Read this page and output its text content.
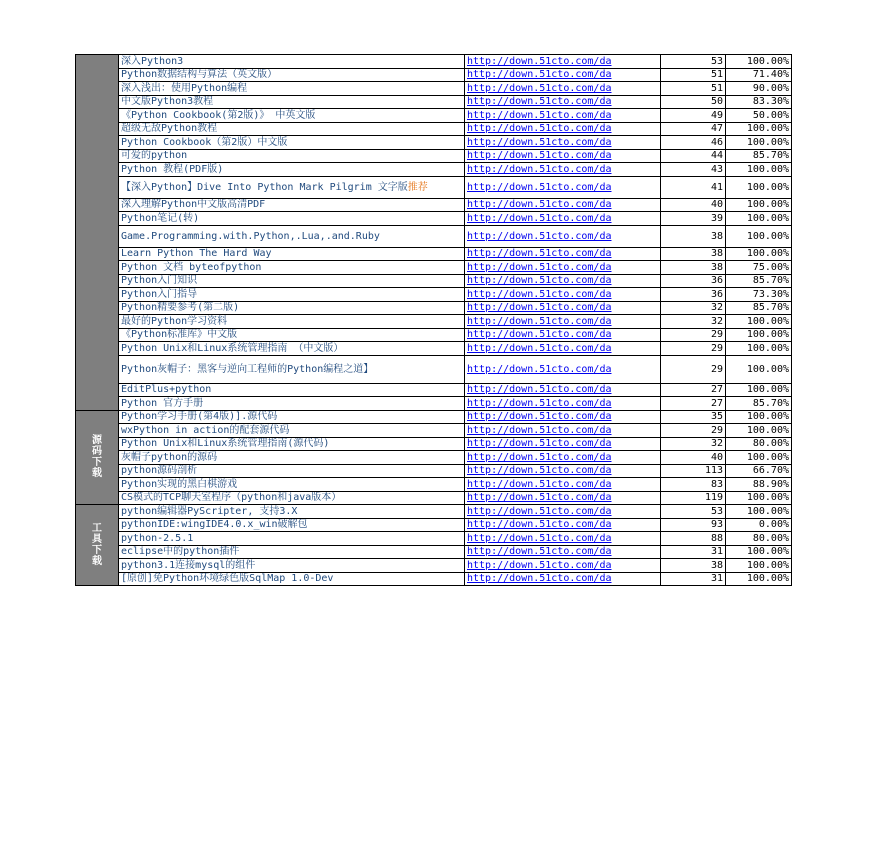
	深入Python3	http://down.51cto.com/da	53	100.00%
	Python数据结构与算法（英文版）	http://down.51cto.com/da	51	71.40%
	深入浅出：使用Python编程	http://down.51cto.com/da	51	90.00%
	中文版Python3教程	http://down.51cto.com/da	50	83.30%
	《Python Cookbook(第2版)》 中英文版	http://down.51cto.com/da	49	50.00%
	超级无敌Python教程	http://down.51cto.com/da	47	100.00%
	Python Cookbook（第2版）中文版	http://down.51cto.com/da	46	100.00%
	可爱的python	http://down.51cto.com/da	44	85.70%
	Python 教程(PDF版)	http://down.51cto.com/da	43	100.00%
	【深入Python】Dive Into Python Mark Pilgrim 文字版推荐	http://down.51cto.com/da	41	100.00%
	深入理解Python中文版高清PDF	http://down.51cto.com/da	40	100.00%
	Python笔记(转)	http://down.51cto.com/da	39	100.00%
	Game.Programming.with.Python,.Lua,.and.Ruby	http://down.51cto.com/da	38	100.00%
	Learn Python The Hard Way	http://down.51cto.com/da	38	100.00%
	Python 文档 byteofpython	http://down.51cto.com/da	38	75.00%
	Python入门知识	http://down.51cto.com/da	36	85.70%
	Python入门指导	http://down.51cto.com/da	36	73.30%
	Python精要参考(第二版)	http://down.51cto.com/da	32	85.70%
	最好的Python学习资料	http://down.51cto.com/da	32	100.00%
	《Python标准库》中文版	http://down.51cto.com/da	29	100.00%
	Python Unix和Linux系统管理指南 （中文版）	http://down.51cto.com/da	29	100.00%
	Python灰帽子：黑客与逆向工程师的Python编程之道】	http://down.51cto.com/da	29	100.00%
	EditPlus+python	http://down.51cto.com/da	27	100.00%
	Python 官方手册	http://down.51cto.com/da	27	85.70%

源
码
下
载	Python学习手册(第4版)].源代码	http://down.51cto.com/da	35	100.00%
	wxPython in action的配套源代码	http://down.51cto.com/da	29	100.00%
	Python Unix和Linux系统管理指南(源代码)	http://down.51cto.com/da	32	80.00%
	灰帽子python的源码	http://down.51cto.com/da	40	100.00%
	python源码剖析	http://down.51cto.com/da	113	66.70%
	Python实现的黑白棋游戏	http://down.51cto.com/da	83	88.90%
	CS模式的TCP聊天室程序（python和java版本）	http://down.51cto.com/da	119	100.00%

工
具
下
载	python编辑器PyScripter, 支持3.X	http://down.51cto.com/da	53	100.00%
	pythonIDE:wingIDE4.0.x_win破解包	http://down.51cto.com/da	93	0.00%
	python-2.5.1	http://down.51cto.com/da	88	80.00%
	eclipse中的python插件	http://down.51cto.com/da	31	100.00%
	python3.1连接mysql的组件	http://down.51cto.com/da	38	100.00%
	[原创]免Python环境绿色版SqlMap 1.0-Dev	http://down.51cto.com/da	31	100.00%
